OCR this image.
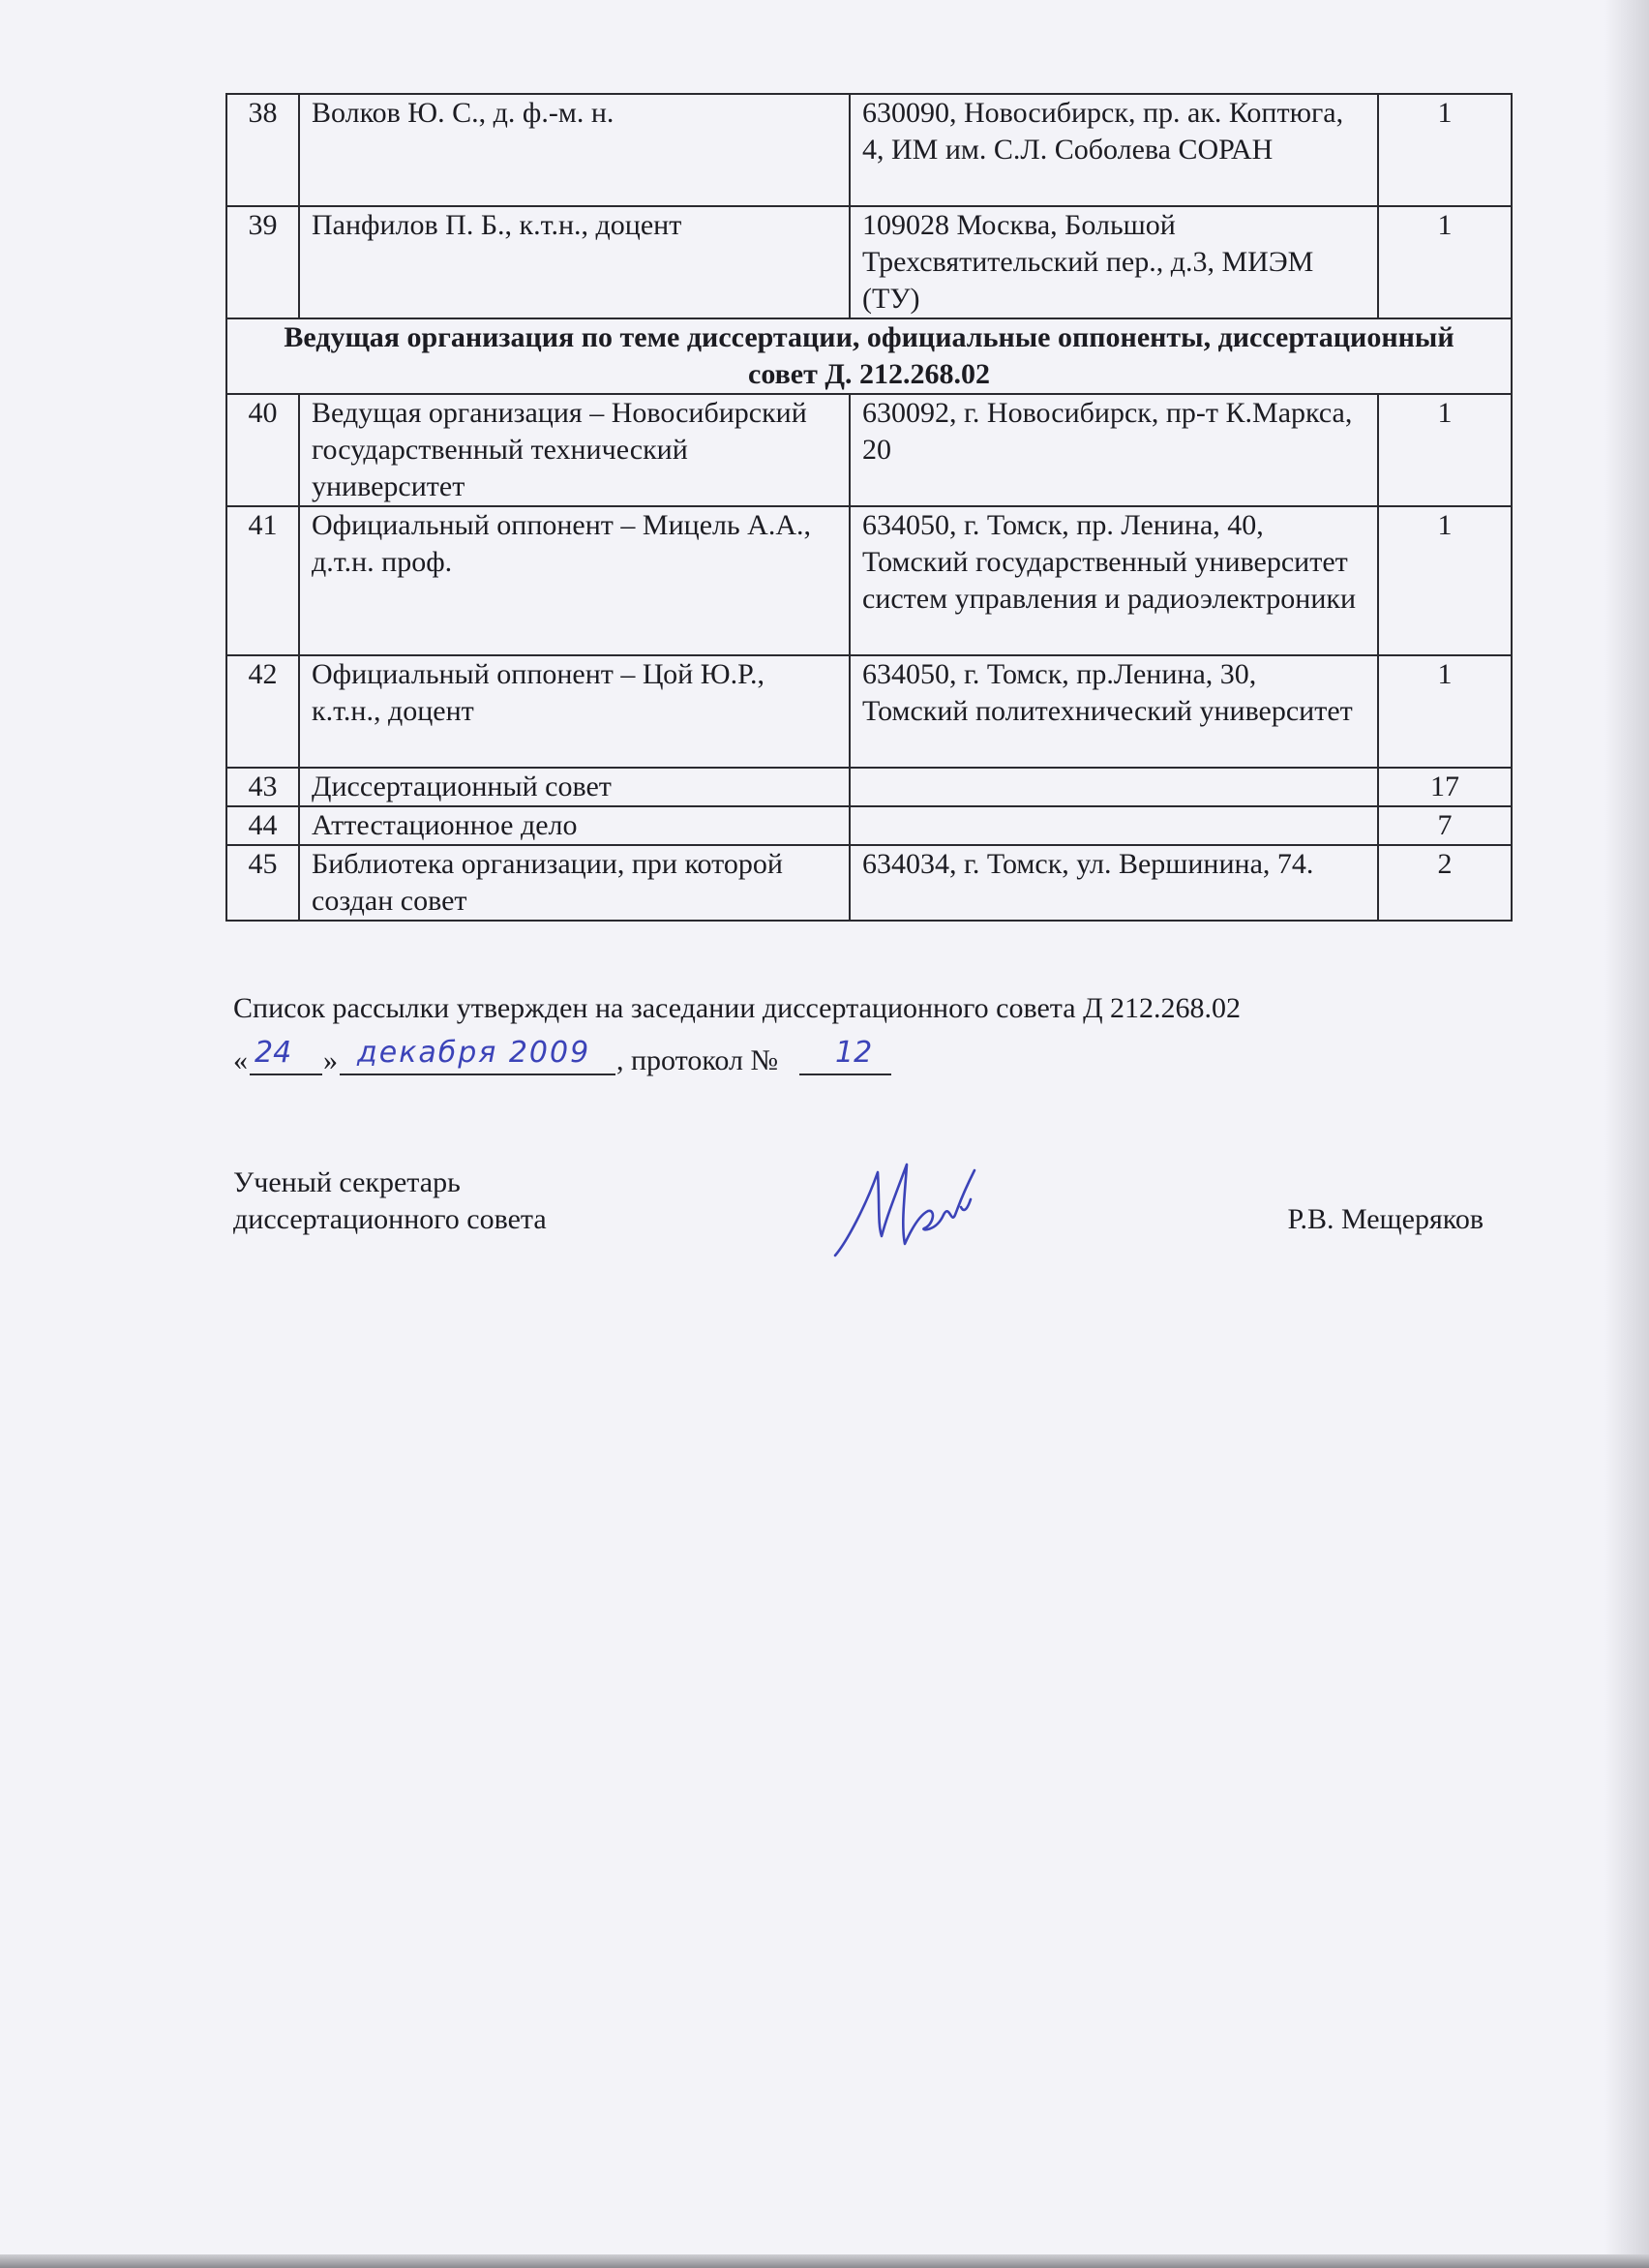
38	Волков Ю. С., д. ф.-м. н.	630090, Новосибирск, пр. ак. Коптюга, 4, ИМ им. С.Л. Соболева СОРАН	1
39	Панфилов П. Б., к.т.н., доцент	109028 Москва, Большой Трехсвятительский пер., д.3, МИЭМ (ТУ)	1
Ведущая организация по теме диссертации, официальные оппоненты, диссертационный совет Д. 212.268.02			
40	Ведущая организация – Новосибирский государственный технический университет	630092, г. Новосибирск, пр-т К.Маркса, 20	1
41	Официальный оппонент – Мицель А.А., д.т.н. проф.	634050, г. Томск, пр. Ленина, 40, Томский государственный университет систем управления и радиоэлектроники	1
42	Официальный оппонент – Цой Ю.Р., к.т.н., доцент	634050, г. Томск, пр.Ленина, 30, Томский политехнический университет	1
43	Диссертационный совет		17
44	Аттестационное дело		7
45	Библиотека организации, при которой создан совет	634034, г. Томск, ул. Вершинина, 74.	2
Список рассылки утвержден на заседании диссертационного совета Д 212.268.02
« 24 » декабря 2009 , протокол № 12
Ученый секретарь
диссертационного совета	Р.В. Мещеряков
